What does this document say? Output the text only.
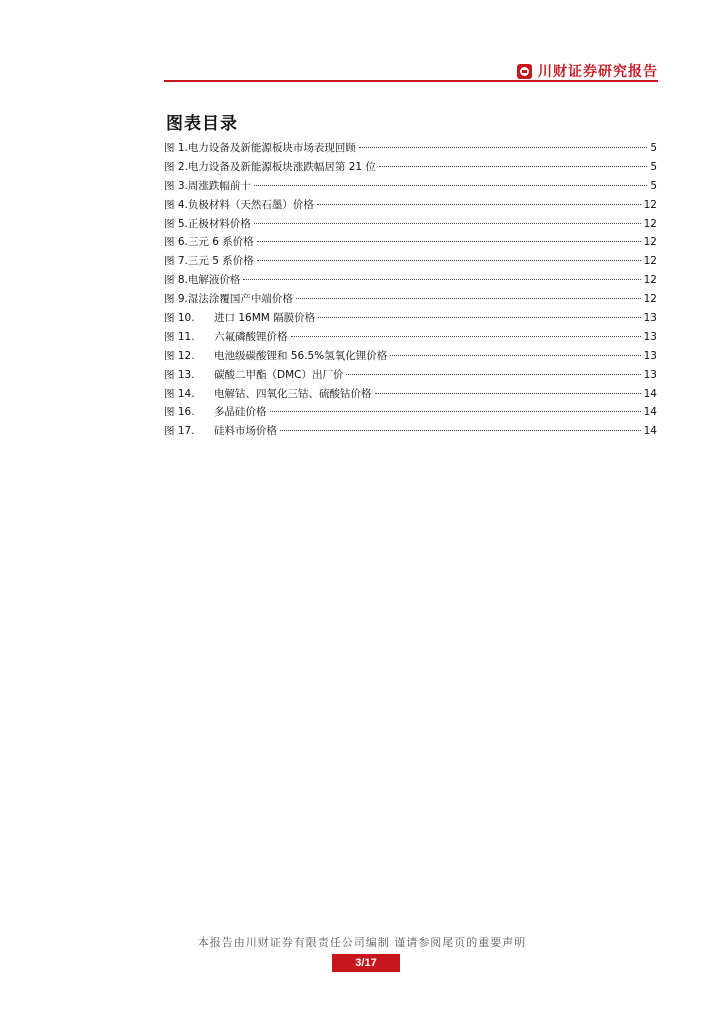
川财证券研究报告
图表目录
图 1. 电力设备及新能源板块市场表现回顾	5
图 2. 电力设备及新能源板块涨跌幅居第 21 位	5
图 3. 周涨跌幅前十	5
图 4. 负极材料（天然石墨）价格	12
图 5. 正极材料价格	12
图 6. 三元 6 系价格	12
图 7. 三元 5 系价格	12
图 8. 电解液价格	12
图 9. 湿法涂覆国产中端价格	12
图 10.	进口 16MM 隔膜价格	13
图 11.	六氟磷酸锂价格	13
图 12.	电池级碳酸锂和 56.5%氢氧化锂价格	13
图 13.	碳酸二甲酯（DMC）出厂价	13
图 14.	电解钴、四氧化三钴、硫酸钴价格	14
图 16.	多晶硅价格	14
图 17.	硅料市场价格	14
本报告由川财证券有限责任公司编制 谨请参阅尾页的重要声明
3/17
